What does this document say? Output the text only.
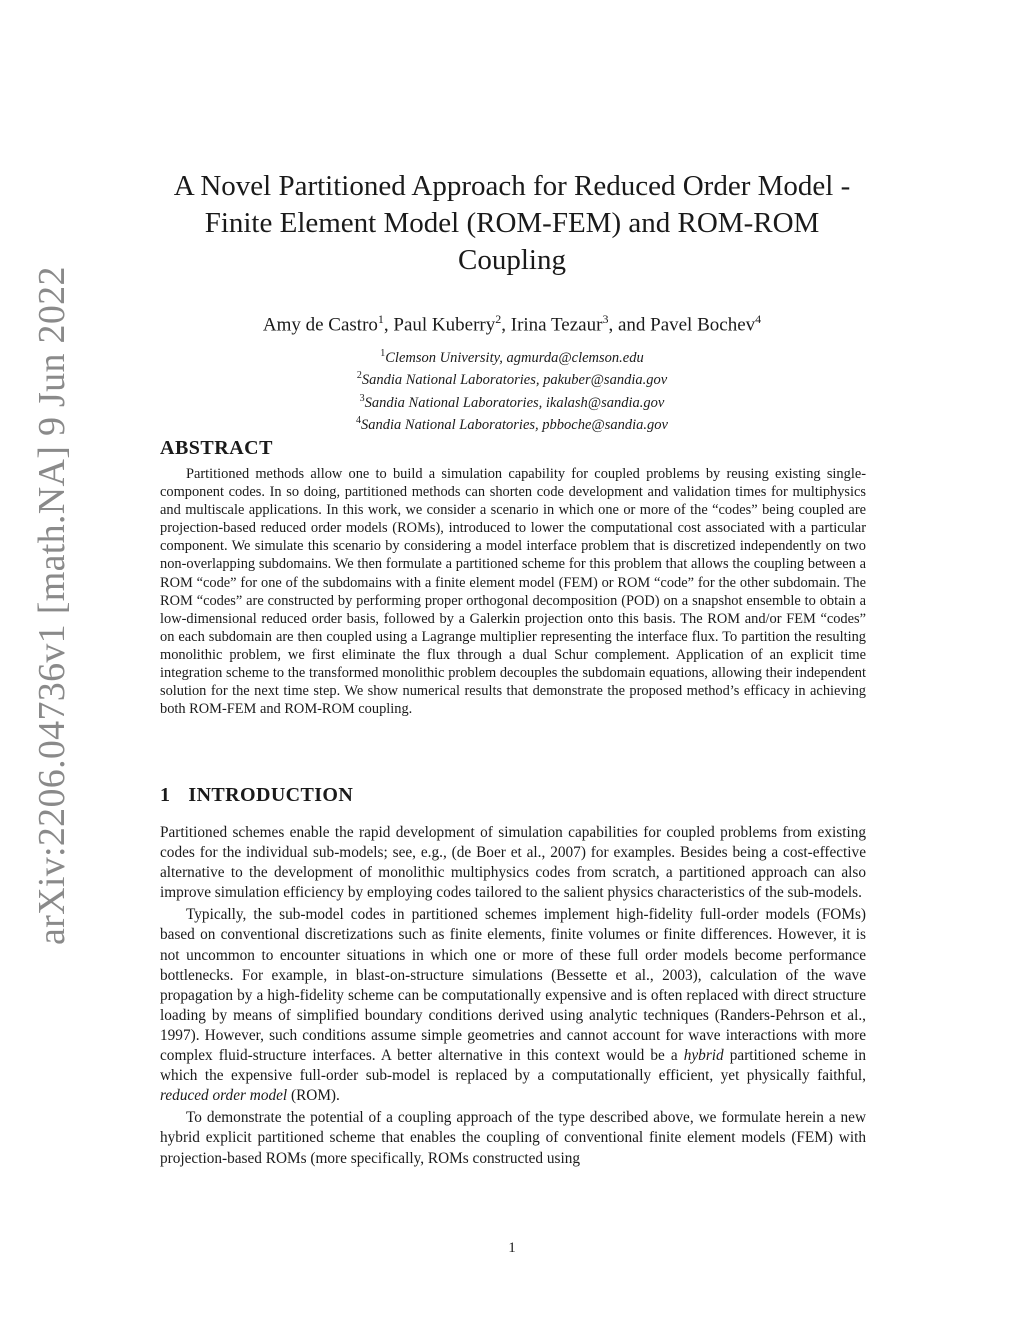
arXiv:2206.04736v1 [math.NA] 9 Jun 2022
A Novel Partitioned Approach for Reduced Order Model -
Finite Element Model (ROM-FEM) and ROM-ROM
Coupling
Amy de Castro$^1$, Paul Kuberry$^2$, Irina Tezaur$^3$, and Pavel Bochev$^4$
$^1$Clemson University, agmurda@clemson.edu
$^2$Sandia National Laboratories, pakuber@sandia.gov
$^3$Sandia National Laboratories, ikalash@sandia.gov
$^4$Sandia National Laboratories, pbboche@sandia.gov
ABSTRACT

Partitioned methods allow one to build a simulation capability for coupled problems by reusing existing single-component codes. In so doing, partitioned methods can shorten code development and validation times for multiphysics and multiscale applications. In this work, we consider a scenario in which one or more of the “codes” being coupled are projection-based reduced order models (ROMs), introduced to lower the computational cost associated with a particular component. We simulate this scenario by considering a model interface problem that is discretized independently on two non-overlapping subdomains. We then formulate a partitioned scheme for this problem that allows the coupling between a ROM “code” for one of the subdomains with a finite element model (FEM) or ROM “code” for the other subdomain. The ROM “codes” are constructed by performing proper orthogonal decomposition (POD) on a snapshot ensemble to obtain a low-dimensional reduced order basis, followed by a Galerkin projection onto this basis. The ROM and/or FEM “codes” on each subdomain are then coupled using a Lagrange multiplier representing the interface flux. To partition the resulting monolithic problem, we first eliminate the flux through a dual Schur complement. Application of an explicit time integration scheme to the transformed monolithic problem decouples the subdomain equations, allowing their independent solution for the next time step. We show numerical results that demonstrate the proposed method’s efficacy in achieving both ROM-FEM and ROM-ROM coupling.

1 INTRODUCTION

Partitioned schemes enable the rapid development of simulation capabilities for coupled problems from existing codes for the individual sub-models; see, e.g., (de Boer et al., 2007) for examples. Besides being a cost-effective alternative to the development of monolithic multiphysics codes from scratch, a partitioned approach can also improve simulation efficiency by employing codes tailored to the salient physics characteristics of the sub-models.

Typically, the sub-model codes in partitioned schemes implement high-fidelity full-order models (FOMs) based on conventional discretizations such as finite elements, finite volumes or finite differences. However, it is not uncommon to encounter situations in which one or more of these full order models become performance bottlenecks. For example, in blast-on-structure simulations (Bessette et al., 2003), calculation of the wave propagation by a high-fidelity scheme can be computationally expensive and is often replaced with direct structure loading by means of simplified boundary conditions derived using analytic techniques (Randers-Pehrson et al., 1997). However, such conditions assume simple geometries and cannot account for wave interactions with more complex fluid-structure interfaces. A better alternative in this context would be a hybrid partitioned scheme in which the expensive full-order sub-model is replaced by a computationally efficient, yet physically faithful, reduced order model (ROM).

To demonstrate the potential of a coupling approach of the type described above, we formulate herein a new hybrid explicit partitioned scheme that enables the coupling of conventional finite element models (FEM) with projection-based ROMs (more specifically, ROMs constructed using

1
